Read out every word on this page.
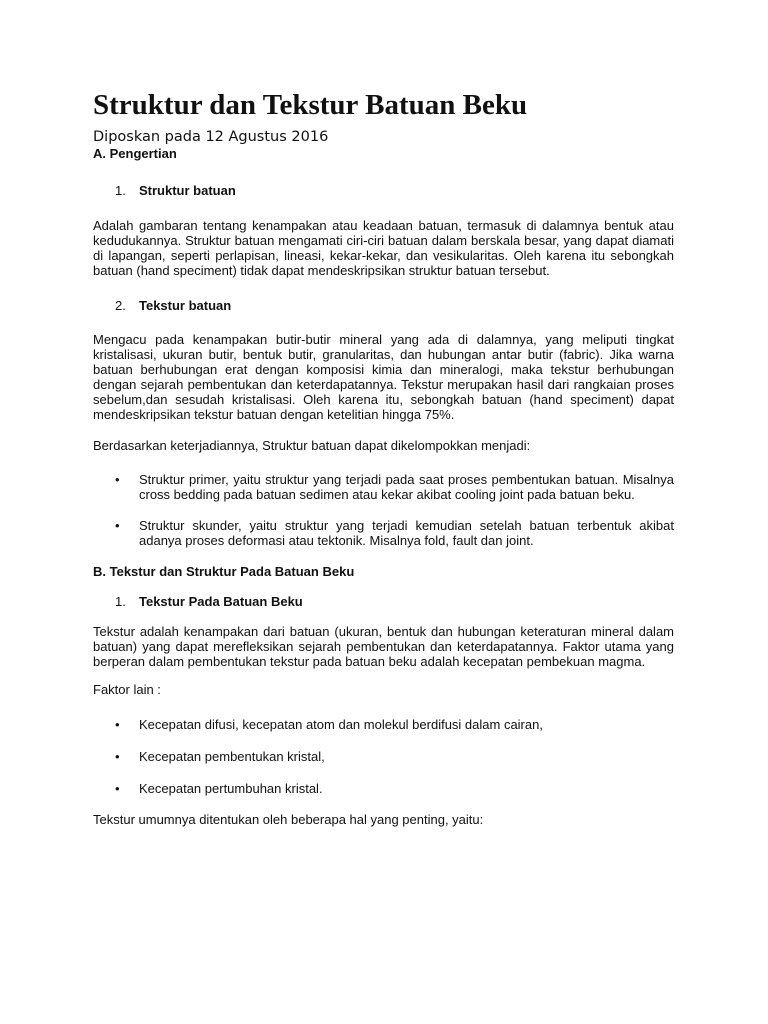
Struktur dan Tekstur Batuan Beku

Diposkan pada 12 Agustus 2016

A. Pengertian

1.	Struktur batuan

Adalah gambaran tentang kenampakan atau keadaan batuan, termasuk di dalamnya bentuk atau kedudukannya. Struktur batuan mengamati ciri-ciri batuan dalam berskala besar, yang dapat diamati di lapangan, seperti perlapisan, lineasi, kekar-kekar, dan vesikularitas. Oleh karena itu sebongkah batuan (hand speciment) tidak dapat mendeskripsikan struktur batuan tersebut.

2.	Tekstur batuan

Mengacu pada kenampakan butir-butir mineral yang ada di dalamnya, yang meliputi tingkat kristalisasi, ukuran butir, bentuk butir, granularitas, dan hubungan antar butir (fabric). Jika warna batuan berhubungan erat dengan komposisi kimia dan mineralogi, maka tekstur berhubungan dengan sejarah pembentukan dan keterdapatannya. Tekstur merupakan hasil dari rangkaian proses sebelum,dan sesudah kristalisasi. Oleh karena itu, sebongkah batuan (hand speciment) dapat mendeskripsikan tekstur batuan dengan ketelitian hingga 75%.

Berdasarkan keterjadiannya, Struktur batuan dapat dikelompokkan menjadi:

•	Struktur primer, yaitu struktur yang terjadi pada saat proses pembentukan batuan. Misalnya cross bedding pada batuan sedimen atau kekar akibat cooling joint pada batuan beku.
•	Struktur skunder, yaitu struktur yang terjadi kemudian setelah batuan terbentuk akibat adanya proses deformasi atau tektonik. Misalnya fold, fault dan joint.

B. Tekstur dan Struktur Pada Batuan Beku

1.	Tekstur Pada Batuan Beku

Tekstur adalah kenampakan dari batuan (ukuran, bentuk dan hubungan keteraturan mineral dalam batuan) yang dapat merefleksikan sejarah pembentukan dan keterdapatannya. Faktor utama yang berperan dalam pembentukan tekstur pada batuan beku adalah kecepatan pembekuan magma.

Faktor lain :

•	Kecepatan difusi, kecepatan atom dan molekul berdifusi dalam cairan,
•	Kecepatan pembentukan kristal,
•	Kecepatan pertumbuhan kristal.

Tekstur umumnya ditentukan oleh beberapa hal yang penting, yaitu:
